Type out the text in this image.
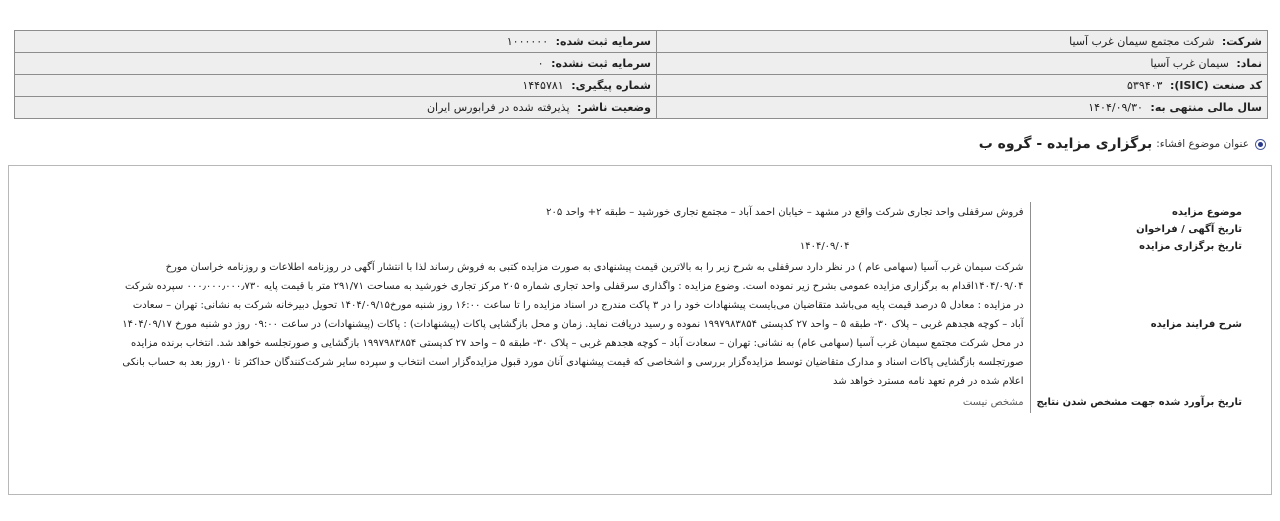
شرکت: شرکت مجتمع سیمان غرب آسیا	سرمایه ثبت شده: ۱۰۰۰۰۰۰
نماد: سیمان غرب آسیا	سرمایه ثبت نشده: ۰
کد صنعت (ISIC): ۵۳۹۴۰۳	شماره پیگیری: ۱۴۴۵۷۸۱
سال مالی منتهی به: ۱۴۰۴/۰۹/۳۰	وضعیت ناشر: پذیرفته شده در فرابورس ایران
عنوان موضوع افشاء:
برگزاری مزایده - گروه ب
موضوع مزایده	فروش سرقفلی واحد تجاری شرکت واقع در مشهد – خیابان احمد آباد – مجتمع تجاری خورشید – طبقه ۲+ واحد ۲۰۵
تاریخ آگهی / فراخوان	
تاریخ برگزاری مزایده	۱۴۰۴/۰۹/۰۴
شرح فرایند مزایده	شرکت سیمان غرب آسیا (سهامی عام ) در نظر دارد سرقفلی به شرح زیر را به بالاترین قیمت پیشنهادی به صورت مزایده کتبی به فروش رساند لذا با انتشار آگهی در روزنامه اطلاعات و روزنامه خراسان مورخ ۱۴۰۴/۰۹/۰۴اقدام به برگزاری مزایده عمومی بشرح زیر نموده است. وضوع مزایده : واگذاری سرقفلی واحد تجاری شماره ۲۰۵ مرکز تجاری خورشید به مساحت ۲۹۱/۷۱ متر با قیمت پایه ۰۰۰٫۰۰۰٫۰۰۰٫۷۳۰ سپرده شرکت در مزایده : معادل ۵ درصد قیمت پایه می‌باشد متقاضیان می‌بایست پیشنهادات خود را در ۳ پاکت مندرج در اسناد مزایده را تا ساعت ۱۶:۰۰ روز شنبه مورخ۱۴۰۴/۰۹/۱۵ تحویل دبیرخانه شرکت به نشانی: تهران – سعادت آباد – کوچه هجدهم غربی – پلاک ۳۰- طبقه ۵ – واحد ۲۷ کدپستی ۱۹۹۷۹۸۳۸۵۴ نموده و رسید دریافت نماید. زمان و محل بازگشایی پاکات (پیشنهادات) : پاکات (پیشنهادات) در ساعت ۰۹:۰۰ روز دو شنبه مورخ ۱۴۰۴/۰۹/۱۷ در محل شرکت مجتمع سیمان غرب آسیا (سهامی عام) به نشانی: تهران – سعادت آباد – کوچه هجدهم غربی – پلاک ۳۰- طبقه ۵ – واحد ۲۷ کدپستی ۱۹۹۷۹۸۳۸۵۴ بازگشایی و صورتجلسه خواهد شد. انتخاب برنده مزایده صورتجلسه بازگشایی پاکات اسناد و مدارک متقاضیان توسط مزایده‌گزار بررسی و اشخاصی که قیمت پیشنهادی آنان مورد قبول مزایده‌گزار است انتخاب و سپرده سایر شرکت‌کنندگان حداکثر تا ۱۰روز بعد به حساب بانکی اعلام شده در فرم تعهد نامه مسترد خواهد شد
تاریخ برآورد شده جهت مشخص شدن نتایج	مشخص نیست
